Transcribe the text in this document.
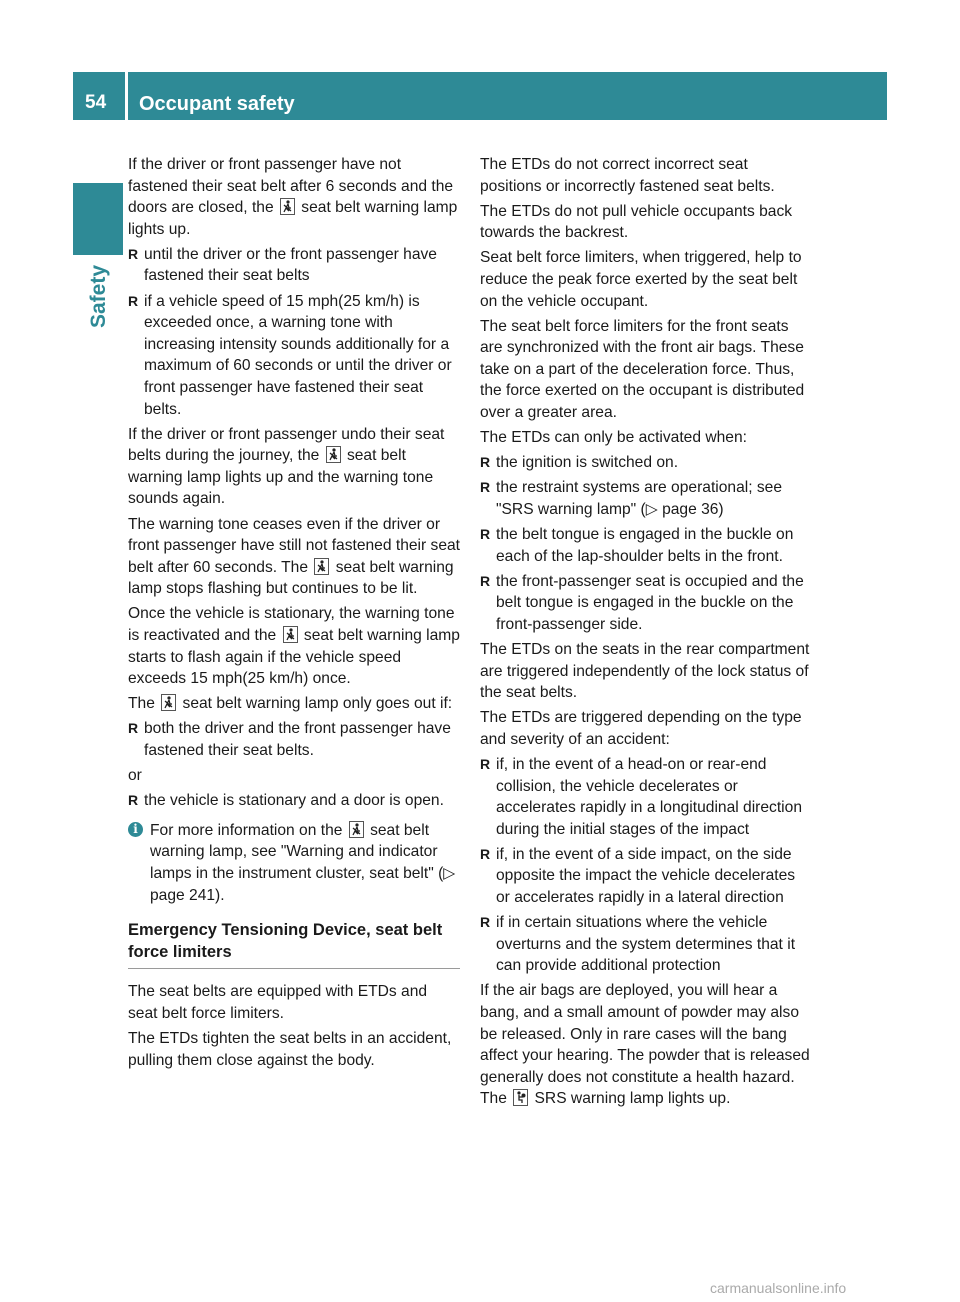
54 Occupant safety
Safety

If the driver or front passenger have not fastened their seat belt after 6 seconds and the doors are closed, the
seat belt warning lamp lights up.

R until the driver or the front passenger have fastened their seat belts
R if a vehicle speed of 15 mph(25 km/h) is exceeded once, a warning tone with increasing intensity sounds additionally for a maximum of 60 seconds or until the driver or front passenger have fastened their seat belts.

If the driver or front passenger undo their seat belts during the journey, the
seat belt warning lamp lights up and the warning tone sounds again.

The warning tone ceases even if the driver or front passenger have still not fastened their seat belt after 60 seconds. The
seat belt warning lamp stops flashing but continues to be lit.

Once the vehicle is stationary, the warning tone is reactivated and the
seat belt warning lamp starts to flash again if the vehicle speed exceeds 15 mph(25 km/h) once.

The
seat belt warning lamp only goes out if:

R both the driver and the front passenger have fastened their seat belts.

or

R the vehicle is stationary and a door is open.
i For more information on the
seat belt warning lamp, see "Warning and indicator lamps in the instrument cluster, seat belt" (▷ page 241).
Emergency Tensioning Device, seat belt force limiters

The seat belts are equipped with ETDs and seat belt force limiters.

The ETDs tighten the seat belts in an accident, pulling them close against the body.

The ETDs do not correct incorrect seat positions or incorrectly fastened seat belts.

The ETDs do not pull vehicle occupants back towards the backrest.

Seat belt force limiters, when triggered, help to reduce the peak force exerted by the seat belt on the vehicle occupant.

The seat belt force limiters for the front seats are synchronized with the front air bags. These take on a part of the deceleration force. Thus, the force exerted on the occupant is distributed over a greater area.

The ETDs can only be activated when:

R the ignition is switched on.
R the restraint systems are operational; see "SRS warning lamp" (▷ page 36)
R the belt tongue is engaged in the buckle on each of the lap-shoulder belts in the front.
R the front-passenger seat is occupied and the belt tongue is engaged in the buckle on the front-passenger side.

The ETDs on the seats in the rear compartment are triggered independently of the lock status of the seat belts.

The ETDs are triggered depending on the type and severity of an accident:

R if, in the event of a head-on or rear-end collision, the vehicle decelerates or accelerates rapidly in a longitudinal direction during the initial stages of the impact
R if, in the event of a side impact, on the side opposite the impact the vehicle decelerates or accelerates rapidly in a lateral direction
R if in certain situations where the vehicle overturns and the system determines that it can provide additional protection

If the air bags are deployed, you will hear a bang, and a small amount of powder may also be released. Only in rare cases will the bang affect your hearing. The powder that is released generally does not constitute a health hazard. The
SRS warning lamp lights up.

carmanualsonline.info
